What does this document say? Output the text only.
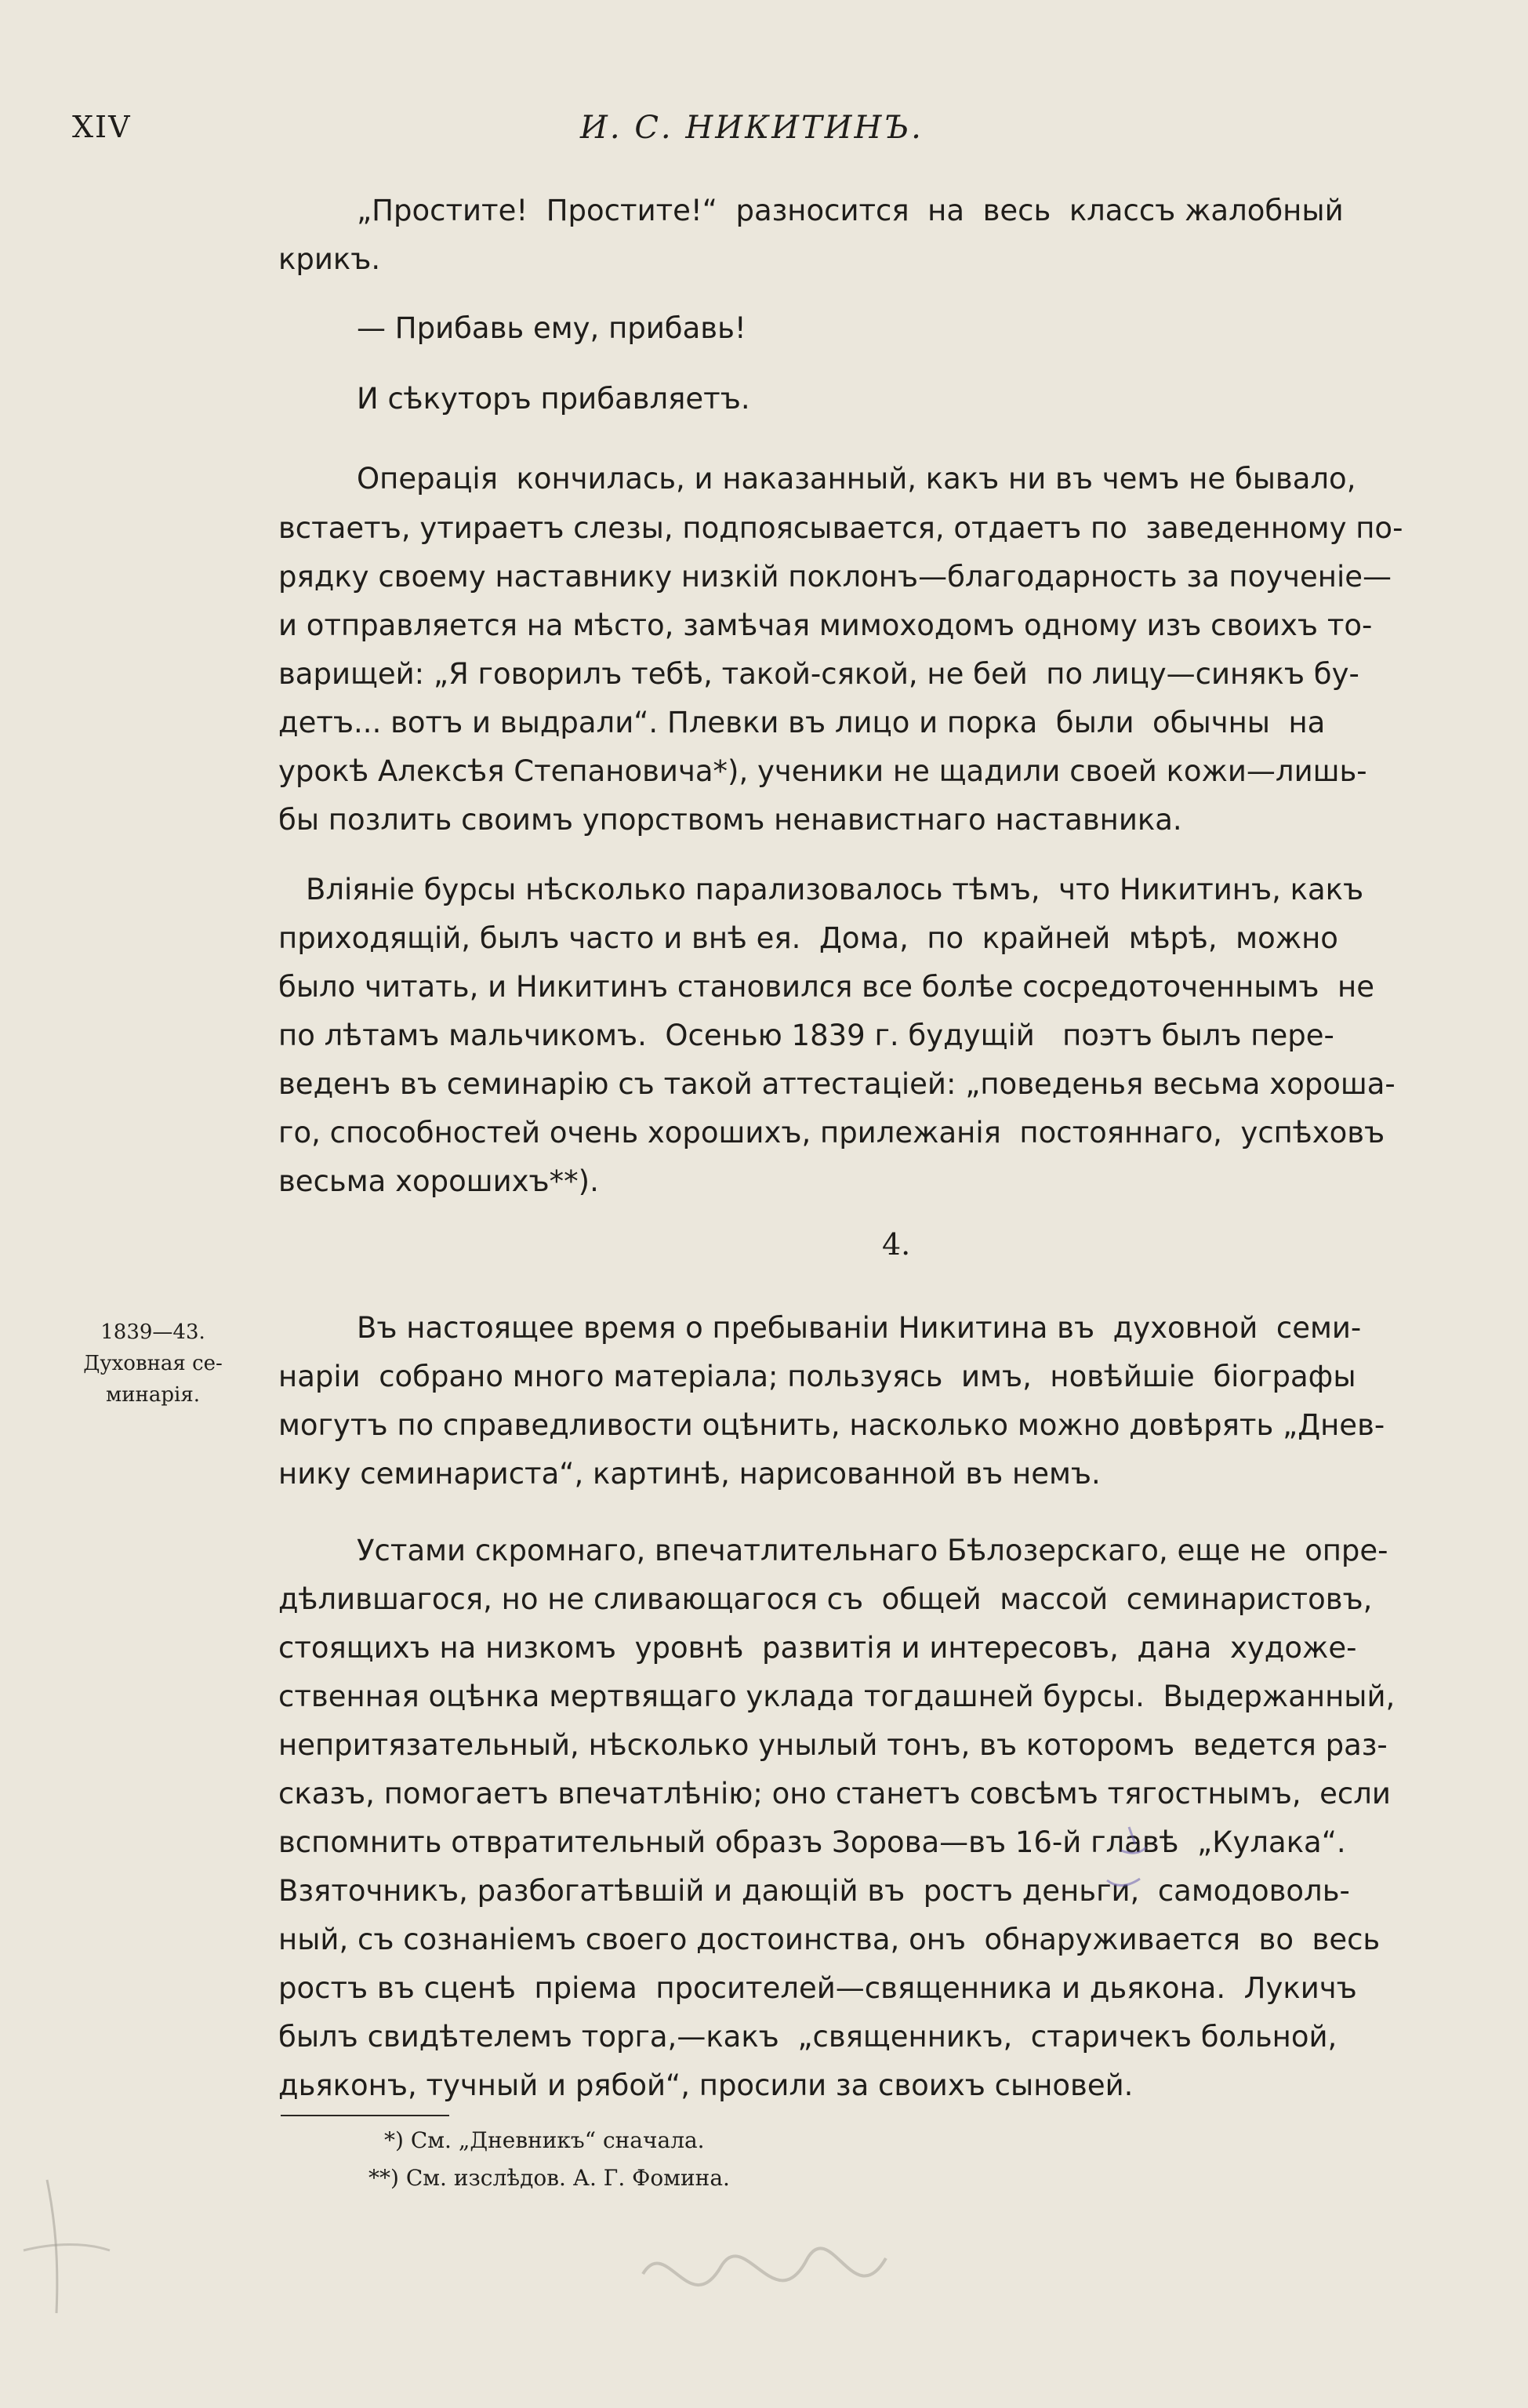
XIV	И. С. НИКИТИНЪ.
„Простите!  Простите!“  разносится  на  весь  классъ жалобный
крикъ.
— Прибавь ему, прибавь!
И сѣкуторъ прибавляетъ.
Операція  кончилась, и наказанный, какъ ни въ чемъ не бывало,
встаетъ, утираетъ слезы, подпоясывается, отдаетъ по  заведенному по-
рядку своему наставнику низкій поклонъ—благодарность за поученіе—
и отправляется на мѣсто, замѣчая мимоходомъ одному изъ своихъ то-
варищей: „Я говорилъ тебѣ, такой-сякой, не бей  по лицу—синякъ бу-
детъ... вотъ и выдрали“. Плевки въ лицо и порка  были  обычны  на
урокѣ Алексѣя Степановича*), ученики не щадили своей кожи—лишь-
бы позлить своимъ упорствомъ ненавистнаго наставника.
Вліяніе бурсы нѣсколько парализовалось тѣмъ,  что Никитинъ, какъ
приходящій, былъ часто и внѣ ея.  Дома,  по  крайней  мѣрѣ,  можно
было читать, и Никитинъ становился все болѣе сосредоточеннымъ  не
по лѣтамъ мальчикомъ.  Осенью 1839 г. будущій   поэтъ былъ пере-
веденъ въ семинарію съ такой аттестаціей: „поведенья весьма хороша-
го, способностей очень хорошихъ, прилежанія  постояннаго,  успѣховъ
весьма хорошихъ**).
Въ настоящее время о пребываніи Никитина въ  духовной  семи-
наріи  собрано много матеріала; пользуясь  имъ,  новѣйшіе  біографы
могутъ по справедливости оцѣнить, насколько можно довѣрять „Днев-
нику семинариста“, картинѣ, нарисованной въ немъ.
Устами скромнаго, впечатлительнаго Бѣлозерскаго, еще не  опре-
дѣлившагося, но не сливающагося съ  общей  массой  семинаристовъ,
стоящихъ на низкомъ  уровнѣ  развитія и интересовъ,  дана  художе-
ственная оцѣнка мертвящаго уклада тогдашней бурсы.  Выдержанный,
непритязательный, нѣсколько унылый тонъ, въ которомъ  ведется раз-
сказъ, помогаетъ впечатлѣнію; оно станетъ совсѣмъ тягостнымъ,  если
вспомнить отвратительный образъ Зорова—въ 16-й главѣ  „Кулака“.
Взяточникъ, разбогатѣвшій и дающій въ  ростъ деньги,  самодоволь-
ный, съ сознаніемъ своего достоинства, онъ  обнаруживается  во  весь
ростъ въ сценѣ  пріема  просителей—священника и дьякона.  Лукичъ
былъ свидѣтелемъ торга,—какъ  „священникъ,  старичекъ больной,
дьяконъ, тучный и рябой“, просили за своихъ сыновей.
4.
1839—43.
Духовная се-
минарія.
*) См. „Дневникъ“ сначала.
**) См. изслѣдов. А. Г. Фомина.
